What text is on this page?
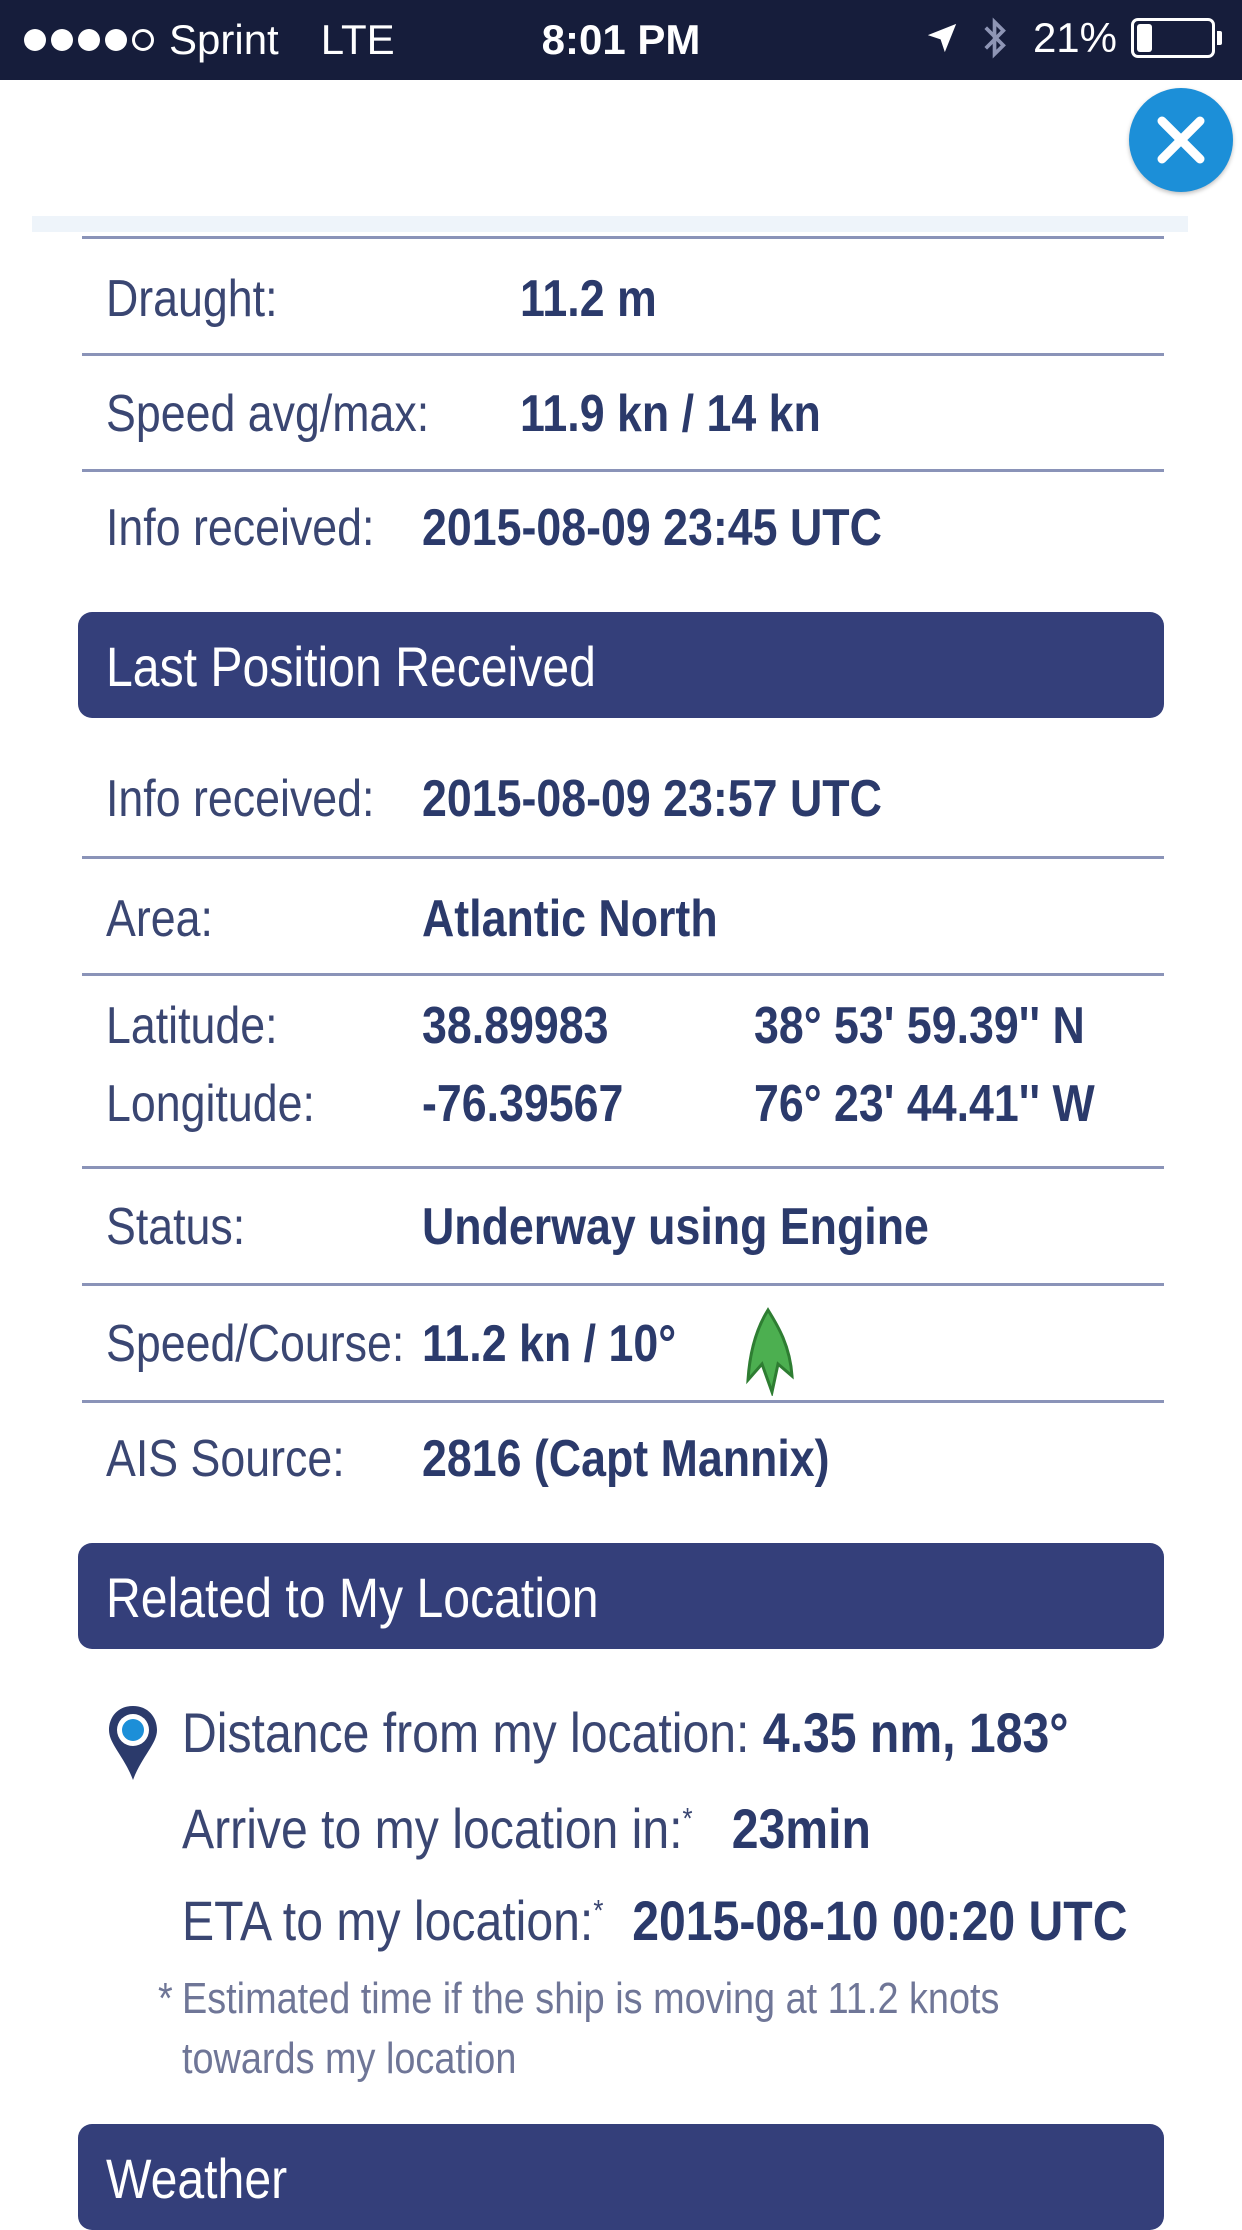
Sprint LTE	8:01 PM	21%
Draught:	11.2 m
Speed avg/max: 11.9 kn / 14 kn
Info received: 2015-08-09 23:45 UTC
Last Position Received
Info received: 2015-08-09 23:57 UTC
Area:	Atlantic North
Latitude:	38.89983	38° 53' 59.39'' N
Longitude: -76.39567	76° 23' 44.41'' W
Status:	Underway using Engine
Speed/Course: 11.2 kn / 10°
AIS Source: 2816 (Capt Mannix)
Related to My Location
Distance from my location: 4.35 nm, 183°
Arrive to my location in:* 23min
ETA to my location:* 2015-08-10 00:20 UTC
* Estimated time if the ship is moving at 11.2 knots
towards my location
Weather
